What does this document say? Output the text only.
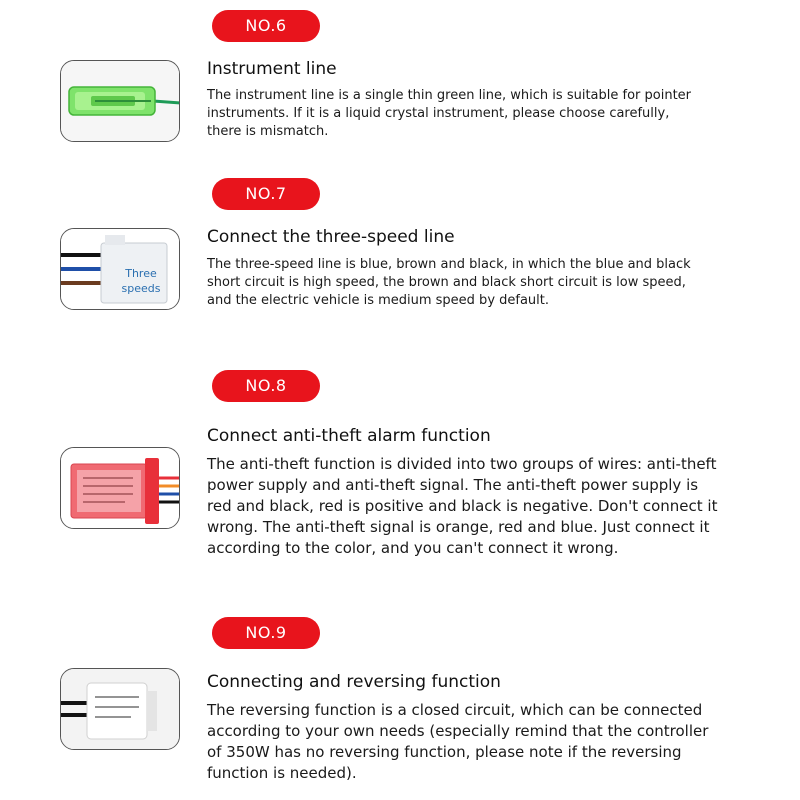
NO.6
Instrument line

The instrument line is a single thin green line, which is suitable for pointer instruments. If it is a liquid crystal instrument, please choose carefully, there is mismatch.

NO.7
Three
speeds
Connect the three-speed line

The three-speed line is blue, brown and black, in which the blue and black short circuit is high speed, the brown and black short circuit is low speed, and the electric vehicle is medium speed by default.

NO.8
Connect anti-theft alarm function

The anti-theft function is divided into two groups of wires: anti-theft power supply and anti-theft signal. The anti-theft power supply is red and black, red is positive and black is negative. Don't connect it wrong. The anti-theft signal is orange, red and blue. Just connect it according to the color, and you can't connect it wrong.

NO.9
Connecting and reversing function

The reversing function is a closed circuit, which can be connected according to your own needs (especially remind that the controller of 350W has no reversing function, please note if the reversing function is needed).
